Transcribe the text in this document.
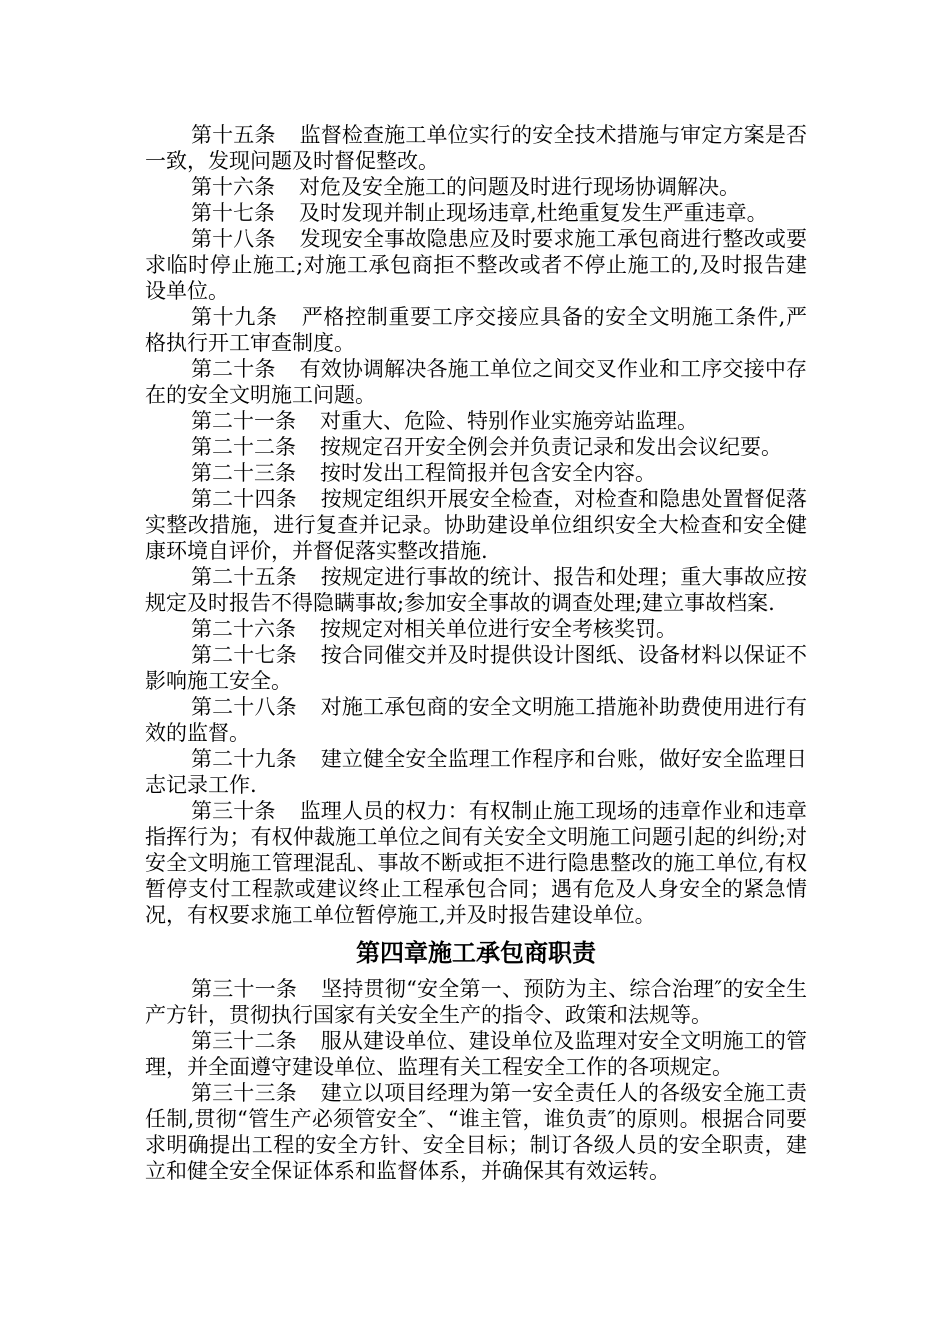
第十五条 监督检查施工单位实行的安全技术措施与审定方案是否一致，发现问题及时督促整改。

第十六条 对危及安全施工的问题及时进行现场协调解决。

第十七条 及时发现并制止现场违章,杜绝重复发生严重违章。

第十八条 发现安全事故隐患应及时要求施工承包商进行整改或要求临时停止施工;对施工承包商拒不整改或者不停止施工的,及时报告建设单位。

第十九条 严格控制重要工序交接应具备的安全文明施工条件,严格执行开工审查制度。

第二十条 有效协调解决各施工单位之间交叉作业和工序交接中存在的安全文明施工问题。

第二十一条 对重大、危险、特别作业实施旁站监理。

第二十二条 按规定召开安全例会并负责记录和发出会议纪要。

第二十三条 按时发出工程简报并包含安全内容。

第二十四条 按规定组织开展安全检查，对检查和隐患处置督促落实整改措施，进行复查并记录。协助建设单位组织安全大检查和安全健康环境自评价，并督促落实整改措施.

第二十五条 按规定进行事故的统计、报告和处理；重大事故应按规定及时报告不得隐瞒事故;参加安全事故的调查处理;建立事故档案.

第二十六条 按规定对相关单位进行安全考核奖罚。

第二十七条 按合同催交并及时提供设计图纸、设备材料以保证不影响施工安全。

第二十八条 对施工承包商的安全文明施工措施补助费使用进行有效的监督。

第二十九条 建立健全安全监理工作程序和台账，做好安全监理日志记录工作.

第三十条 监理人员的权力：有权制止施工现场的违章作业和违章指挥行为；有权仲裁施工单位之间有关安全文明施工问题引起的纠纷;对安全文明施工管理混乱、事故不断或拒不进行隐患整改的施工单位,有权暂停支付工程款或建议终止工程承包合同；遇有危及人身安全的紧急情况，有权要求施工单位暂停施工,并及时报告建设单位。

第四章施工承包商职责

第三十一条 坚持贯彻“安全第一、预防为主、综合治理″的安全生产方针，贯彻执行国家有关安全生产的指令、政策和法规等。

第三十二条 服从建设单位、建设单位及监理对安全文明施工的管理，并全面遵守建设单位、监理有关工程安全工作的各项规定。

第三十三条 建立以项目经理为第一安全责任人的各级安全施工责任制,贯彻“管生产必须管安全″、“谁主管，谁负责″的原则。根据合同要求明确提出工程的安全方针、安全目标；制订各级人员的安全职责，建立和健全安全保证体系和监督体系，并确保其有效运转。
